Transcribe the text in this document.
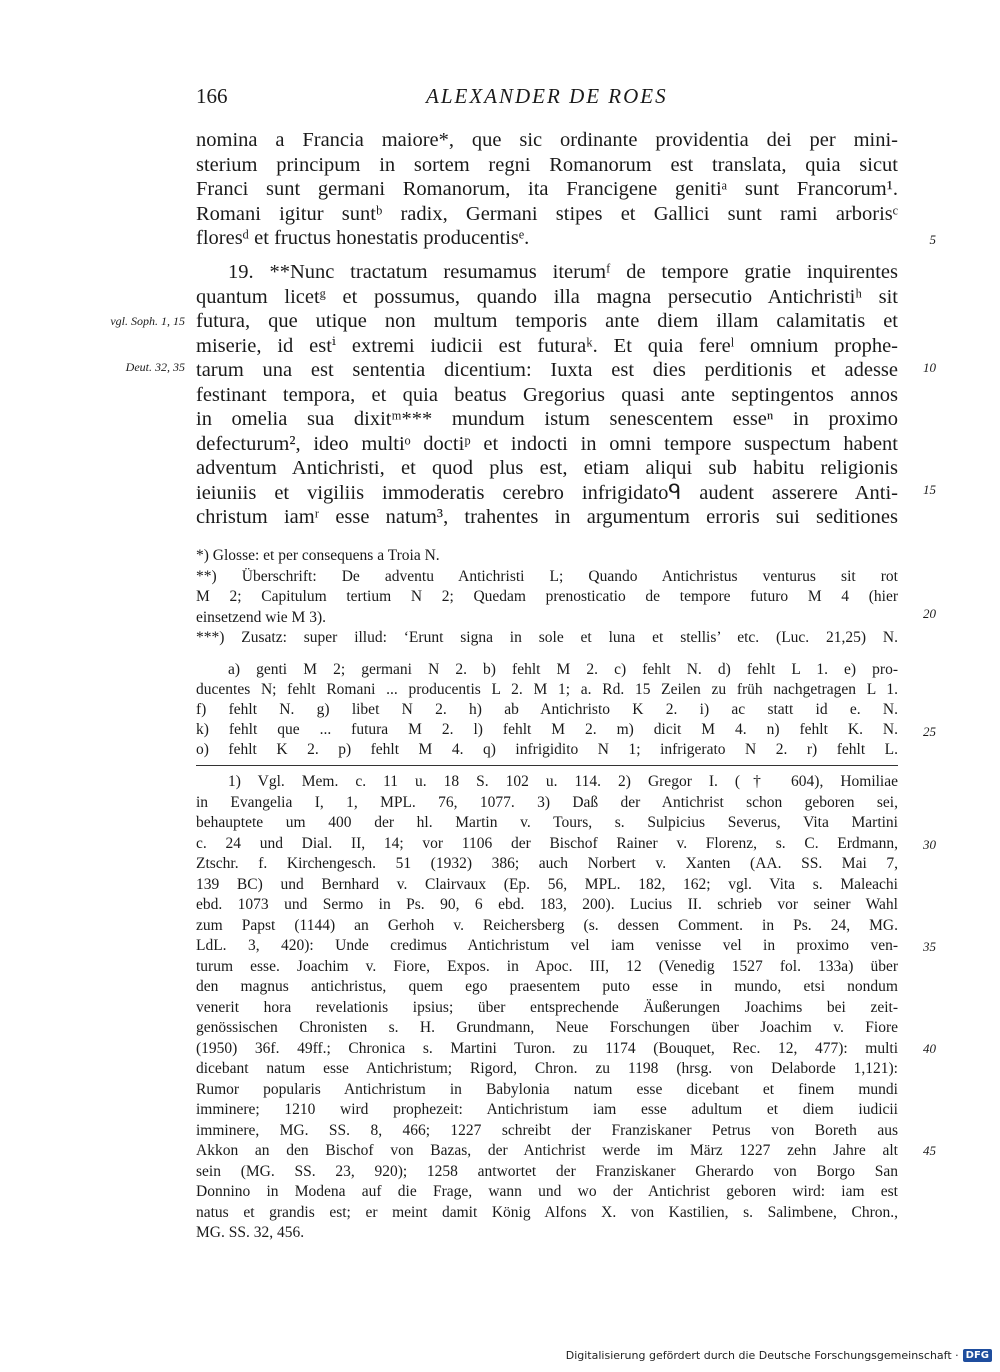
166	ALEXANDER DE ROES
nomina a Francia maiore*, que sic ordinante providentia dei per mini-
sterium principum in sortem regni Romanorum est translata, quia sicut
Franci sunt germani Romanorum, ita Francigene genitiᵃ sunt Francorum¹.
Romani igitur suntᵇ radix, Germani stipes et Gallici sunt rami arborisᶜ
floresᵈ et fructus honestatis producentisᵉ.
19. **Nunc tractatum resumamus iterumᶠ de tempore gratie inquirentes
quantum licetᵍ et possumus, quando illa magna persecutio Antichristiʰ sit
futura, que utique non multum temporis ante diem illam calamitatis et
miserie, id estⁱ extremi iudicii est futuraᵏ. Et quia fereˡ omnium prophe-
tarum una est sententia dicentium: Iuxta est dies perditionis et adesse
festinant tempora, et quia beatus Gregorius quasi ante septingentos annos
in omelia sua dixitᵐ*** mundum istum senescentem esseⁿ in proximo
defecturum², ideo multiᵒ doctiᵖ et indocti in omni tempore suspectum habent
adventum Antichristi, et quod plus est, etiam aliqui sub habitu religionis
ieiuniis et vigiliis immoderatis cerebro infrigidatoᑫ audent asserere Anti-
christum iamʳ esse natum³, trahentes in argumentum erroris sui seditiones
vgl. Soph. 1, 15
Deut. 32, 35
5
10
15
20
25
30
35
40
45
*) Glosse: et per consequens a Troia N.
**) Überschrift: De adventu Antichristi L; Quando Antichristus venturus sit rot
M 2; Capitulum tertium N 2; Quedam prenosticatio de tempore futuro M 4 (hier
einsetzend wie M 3).
***) Zusatz: super illud: ‘Erunt signa in sole et luna et stellis’ etc. (Luc. 21,25) N.
a) genti M 2; germani N 2. b) fehlt M 2. c) fehlt N. d) fehlt L 1. e) pro-
ducentes N; fehlt Romani ... producentis L 2. M 1; a. Rd. 15 Zeilen zu früh nachgetragen L 1.
f) fehlt N. g) libet N 2. h) ab Antichristo K 2. i) ac statt id e. N.
k) fehlt que ... futura M 2. l) fehlt M 2. m) dicit M 4. n) fehlt K. N.
o) fehlt K 2. p) fehlt M 4. q) infrigidito N 1; infrigerato N 2. r) fehlt L.
1) Vgl. Mem. c. 11 u. 18 S. 102 u. 114. 2) Gregor I. († 604), Homiliae
in Evangelia I, 1, MPL. 76, 1077. 3) Daß der Antichrist schon geboren sei,
behauptete um 400 der hl. Martin v. Tours, s. Sulpicius Severus, Vita Martini
c. 24 und Dial. II, 14; vor 1106 der Bischof Rainer v. Florenz, s. C. Erdmann,
Ztschr. f. Kirchengesch. 51 (1932) 386; auch Norbert v. Xanten (AA. SS. Mai 7,
139 BC) und Bernhard v. Clairvaux (Ep. 56, MPL. 182, 162; vgl. Vita s. Maleachi
ebd. 1073 und Sermo in Ps. 90, 6 ebd. 183, 200). Lucius II. schrieb vor seiner Wahl
zum Papst (1144) an Gerhoh v. Reichersberg (s. dessen Comment. in Ps. 24, MG.
LdL. 3, 420): Unde credimus Antichristum vel iam venisse vel in proximo ven-
turum esse. Joachim v. Fiore, Expos. in Apoc. III, 12 (Venedig 1527 fol. 133a) über
den magnus antichristus, quem ego praesentem puto esse in mundo, etsi nondum
venerit hora revelationis ipsius; über entsprechende Äußerungen Joachims bei zeit-
genössischen Chronisten s. H. Grundmann, Neue Forschungen über Joachim v. Fiore
(1950) 36f. 49ff.; Chronica s. Martini Turon. zu 1174 (Bouquet, Rec. 12, 477): multi
dicebant natum esse Antichristum; Rigord, Chron. zu 1198 (hrsg. von Delaborde 1,121):
Rumor popularis Antichristum in Babylonia natum esse dicebant et finem mundi
imminere; 1210 wird prophezeit: Antichristum iam esse adultum et diem iudicii
imminere, MG. SS. 8, 466; 1227 schreibt der Franziskaner Petrus von Boreth aus
Akkon an den Bischof von Bazas, der Antichrist werde im März 1227 zehn Jahre alt
sein (MG. SS. 23, 920); 1258 antwortet der Franziskaner Gherardo von Borgo San
Donnino in Modena auf die Frage, wann und wo der Antichrist geboren wird: iam est
natus et grandis est; er meint damit König Alfons X. von Kastilien, s. Salimbene, Chron.,
MG. SS. 32, 456.
Digitalisierung gefördert durch die Deutsche Forschungsgemeinschaft · DFG
